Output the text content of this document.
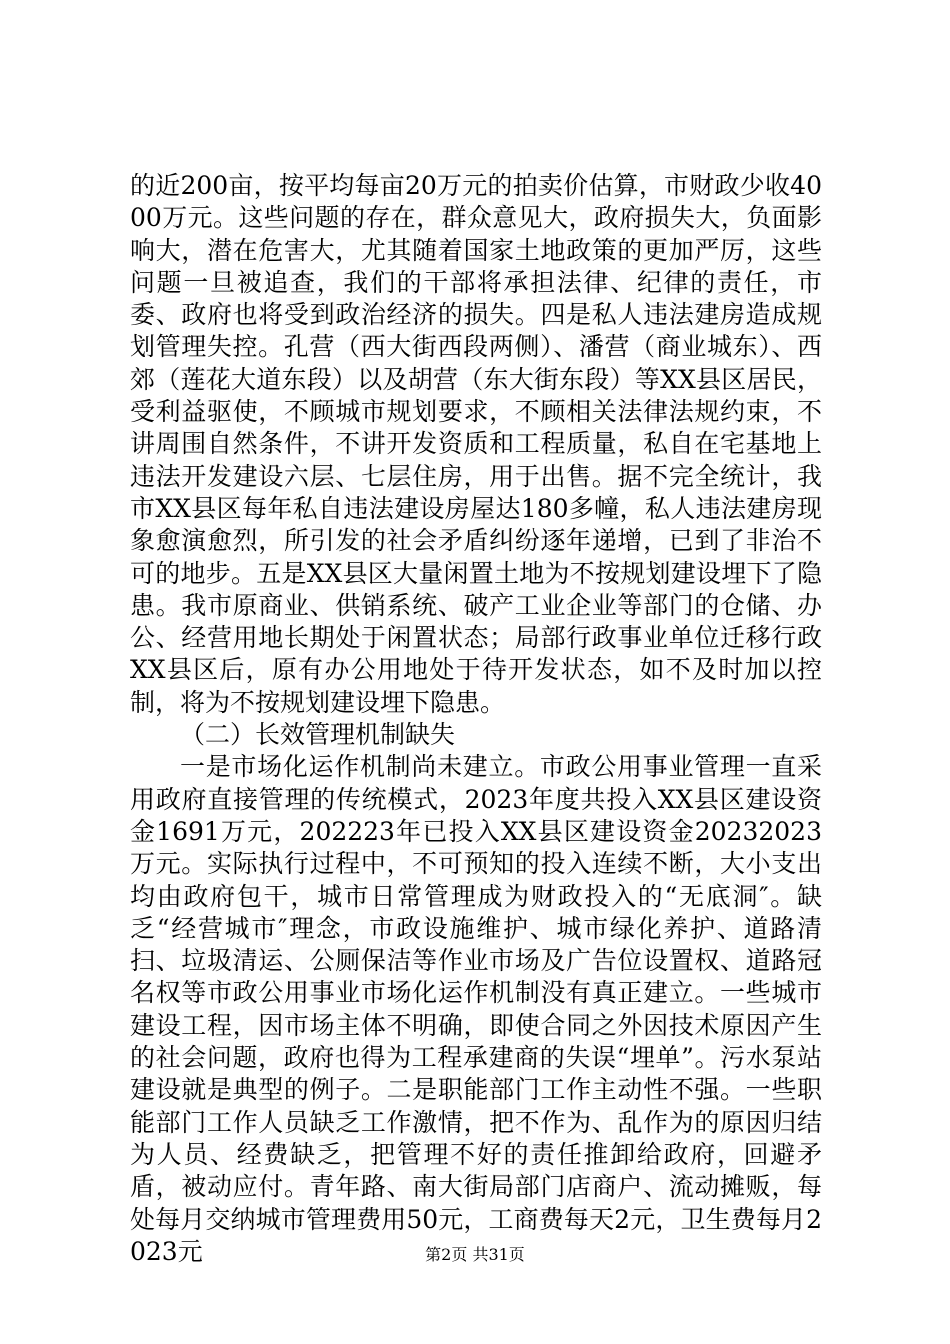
的近200亩，按平均每亩20万元的拍卖价估算，市财政少收4000万元。这些问题的存在，群众意见大，政府损失大，负面影响大，潜在危害大，尤其随着国家土地政策的更加严厉，这些问题一旦被追查，我们的干部将承担法律、纪律的责任，市委、政府也将受到政治经济的损失。四是私人违法建房造成规划管理失控。孔营（西大街西段两侧）、潘营（商业城东）、西郊（莲花大道东段）以及胡营（东大街东段）等XX县区居民，受利益驱使，不顾城市规划要求，不顾相关法律法规约束，不讲周围自然条件，不讲开发资质和工程质量，私自在宅基地上违法开发建设六层、七层住房，用于出售。据不完全统计，我市XX县区每年私自违法建设房屋达180多幢，私人违法建房现象愈演愈烈，所引发的社会矛盾纠纷逐年递增，已到了非治不可的地步。五是XX县区大量闲置土地为不按规划建设埋下了隐患。我市原商业、供销系统、破产工业企业等部门的仓储、办公、经营用地长期处于闲置状态；局部行政事业单位迁移行政XX县区后，原有办公用地处于待开发状态，如不及时加以控制，将为不按规划建设埋下隐患。

（二）长效管理机制缺失

一是市场化运作机制尚未建立。市政公用事业管理一直采用政府直接管理的传统模式，2023年度共投入XX县区建设资金1691万元，202223年已投入XX县区建设资金20232023万元。实际执行过程中，不可预知的投入连续不断，大小支出均由政府包干，城市日常管理成为财政投入的“无底洞″。缺乏“经营城市″理念，市政设施维护、城市绿化养护、道路清扫、垃圾清运、公厕保洁等作业市场及广告位设置权、道路冠名权等市政公用事业市场化运作机制没有真正建立。一些城市建设工程，因市场主体不明确，即使合同之外因技术原因产生的社会问题，政府也得为工程承建商的失误“埋单”。污水泵站建设就是典型的例子。二是职能部门工作主动性不强。一些职能部门工作人员缺乏工作激情，把不作为、乱作为的原因归结为人员、经费缺乏，把管理不好的责任推卸给政府，回避矛盾，被动应付。青年路、南大街局部门店商户、流动摊贩，每处每月交纳城市管理费用50元，工商费每天2元，卫生费每月2023元	第2页 共31页
